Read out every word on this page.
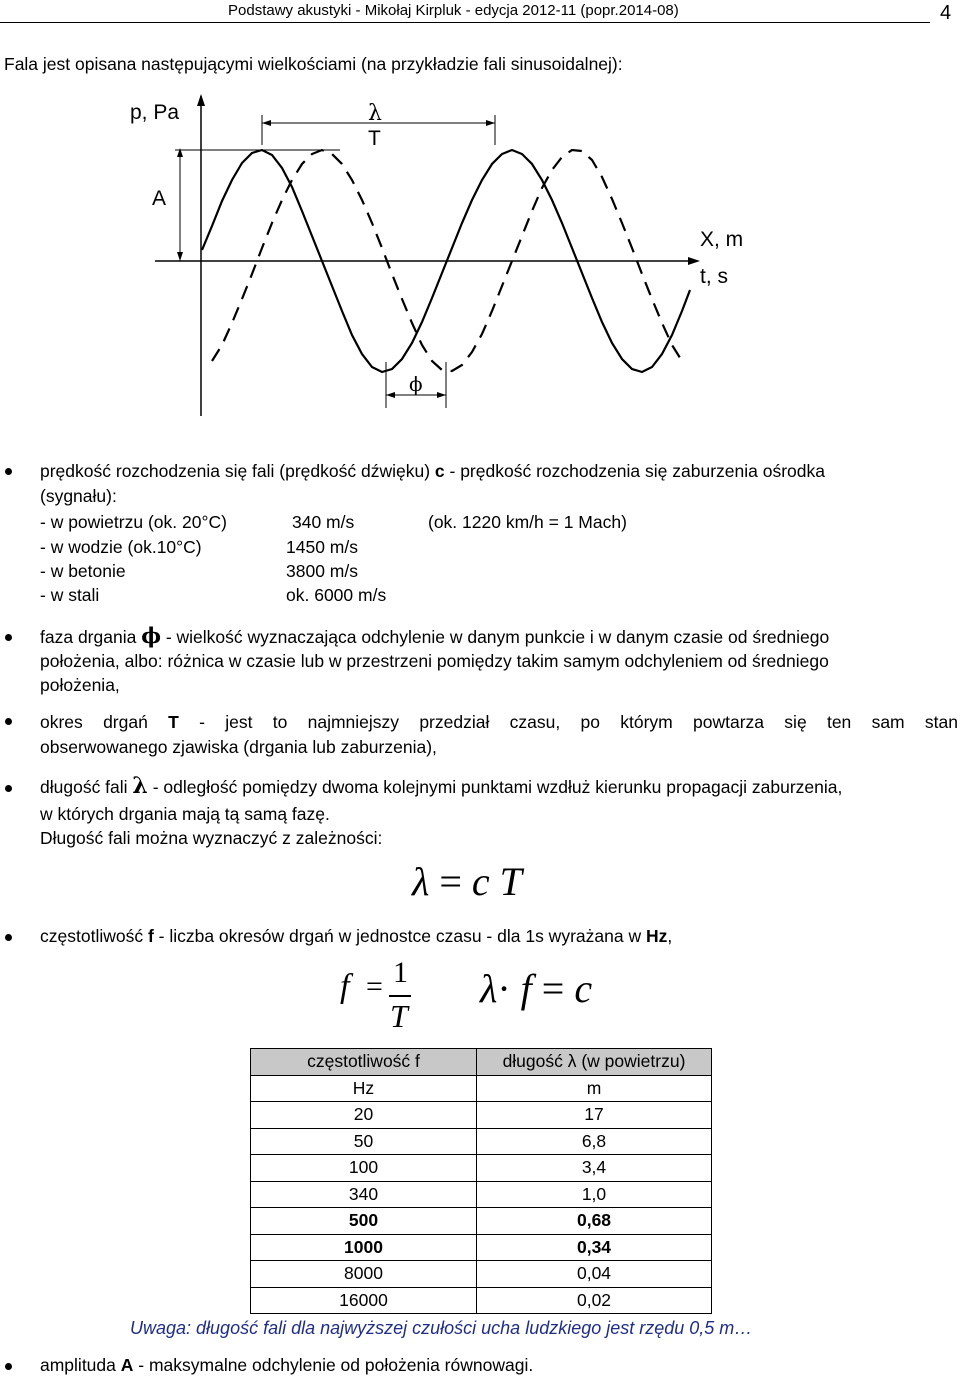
Podstawy akustyki - Mikołaj Kirpluk - edycja 2012-11 (popr.2014-08)	4
Fala jest opisana następującymi wielkościami (na przykładzie fali sinusoidalnej):
p, Pa
A
λ
T
X, m
t, s
ϕ
prędkość rozchodzenia się fali (prędkość dźwięku) c - prędkość rozchodzenia się zaburzenia ośrodka
(sygnału):
- w powietrzu (ok. 20°C)	340 m/s	(ok. 1220 km/h = 1 Mach)
- w wodzie (ok.10°C)	1450 m/s
- w betonie	3800 m/s
- w stali	ok. 6000 m/s
faza drgania ϕ - wielkość wyznaczająca odchylenie w danym punkcie i w danym czasie od średniego
położenia, albo: różnica w czasie lub w przestrzeni pomiędzy takim samym odchyleniem od średniego
położenia,
okres drgań T - jest to najmniejszy przedział czasu, po którym powtarza się ten sam stan
obserwowanego zjawiska (drgania lub zaburzenia),
długość fali λ - odległość pomiędzy dwoma kolejnymi punktami wzdłuż kierunku propagacji zaburzenia,
w których drgania mają tą samą fazę.
Długość fali można wyznaczyć z zależności:
λ = c T
częstotliwość f - liczba okresów drgań w jednostce czasu - dla 1s wyrażana w Hz,
f = 1
T
λ· f = c
częstotliwość f	długość λ (w powietrzu)
Hz	m
20	17
50	6,8
100	3,4
340	1,0
500	0,68
1000	0,34
8000	0,04
16000	0,02
Uwaga: długość fali dla najwyższej czułości ucha ludzkiego jest rzędu 0,5 m…
amplituda A - maksymalne odchylenie od położenia równowagi.
